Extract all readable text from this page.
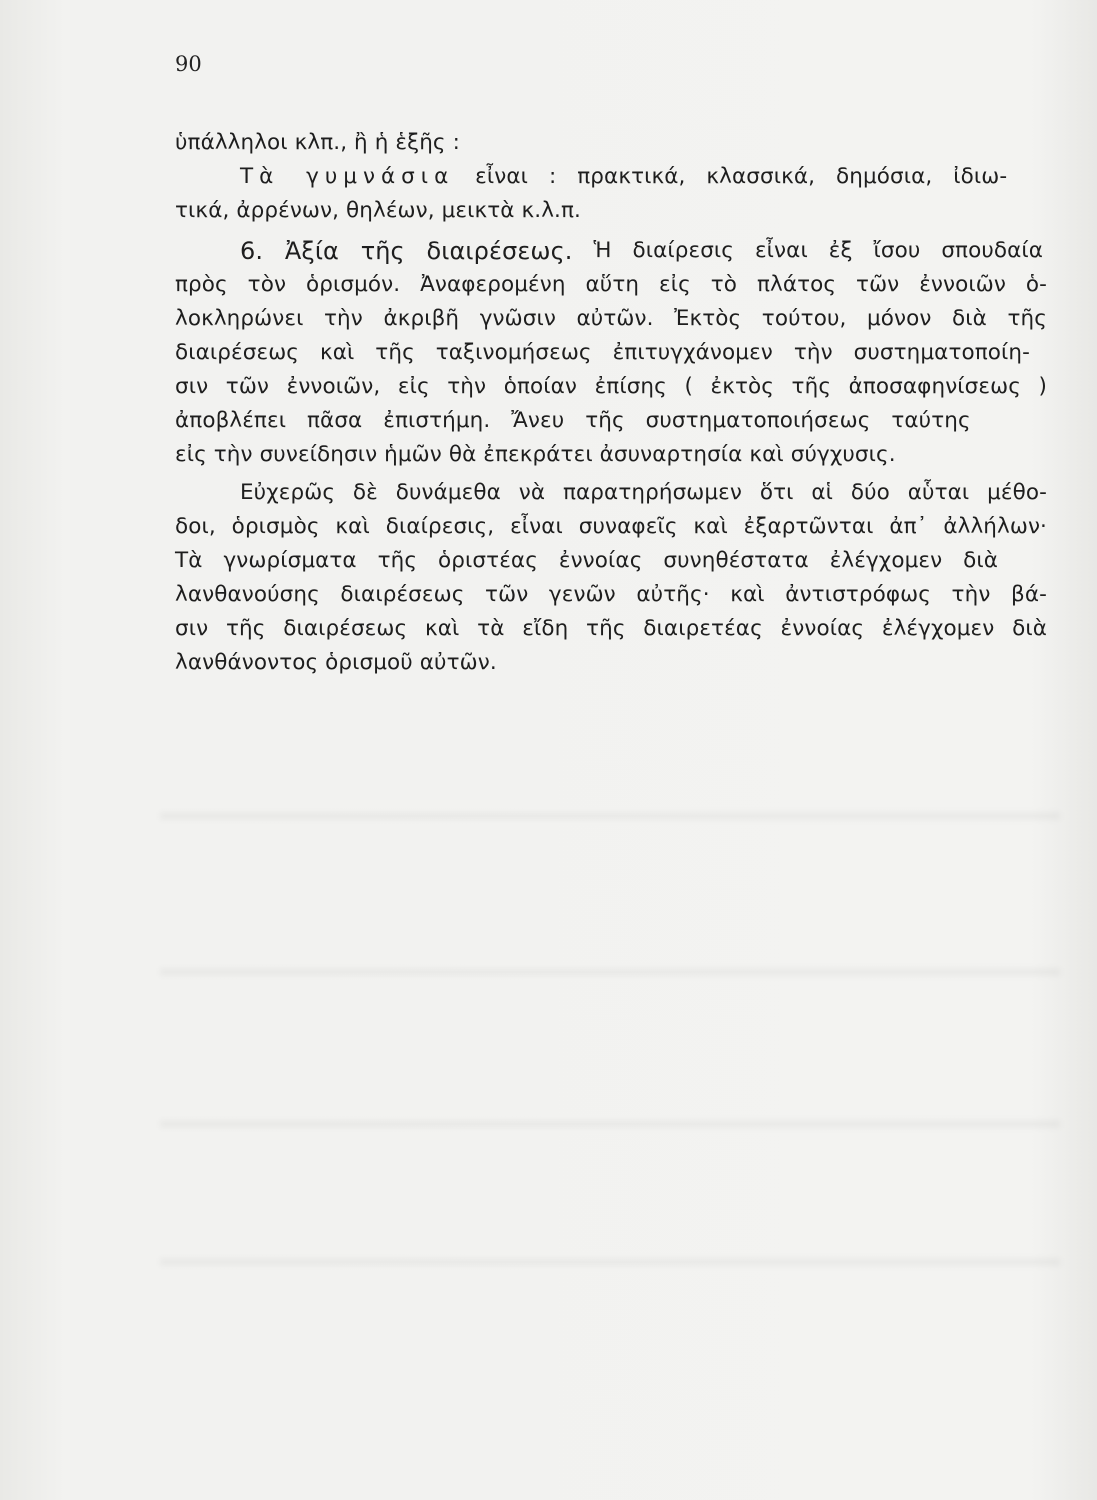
90
ὑπάλληλοι κλπ., ἢ ἡ ἑξῆς :
Τὰ γυμνάσια εἶναι : πρακτικά, κλασσικά, δημόσια, ἰδιω-
τικά, ἀρρένων, θηλέων, μεικτὰ κ.λ.π.
6. Ἀξία τῆς διαιρέσεως. Ἡ διαίρεσις εἶναι ἐξ ἴσου σπουδαία
πρὸς τὸν ὁρισμόν. Ἀναφερομένη αὕτη εἰς τὸ πλάτος τῶν ἐννοιῶν ὁ-
λοκληρώνει τὴν ἀκριβῆ γνῶσιν αὐτῶν. Ἐκτὸς τούτου, μόνον διὰ τῆς
διαιρέσεως καὶ τῆς ταξινομήσεως ἐπιτυγχάνομεν τὴν συστηματοποίη-
σιν τῶν ἐννοιῶν, εἰς τὴν ὁποίαν ἐπίσης ( ἐκτὸς τῆς ἀποσαφηνίσεως )
ἀποβλέπει πᾶσα ἐπιστήμη. Ἄνευ τῆς συστηματοποιήσεως ταύτης
εἰς τὴν συνείδησιν ἡμῶν θὰ ἐπεκράτει ἀσυναρτησία καὶ σύγχυσις.
Εὐχερῶς δὲ δυνάμεθα νὰ παρατηρήσωμεν ὅτι αἱ δύο αὗται μέθο-
δοι, ὁρισμὸς καὶ διαίρεσις, εἶναι συναφεῖς καὶ ἐξαρτῶνται ἀπ᾽ ἀλλήλων·
Τὰ γνωρίσματα τῆς ὁριστέας ἐννοίας συνηθέστατα ἐλέγχομεν διὰ
λανθανούσης διαιρέσεως τῶν γενῶν αὐτῆς· καὶ ἀντιστρόφως τὴν βά-
σιν τῆς διαιρέσεως καὶ τὰ εἴδη τῆς διαιρετέας ἐννοίας ἐλέγχομεν διὰ
λανθάνοντος ὁρισμοῦ αὐτῶν.
